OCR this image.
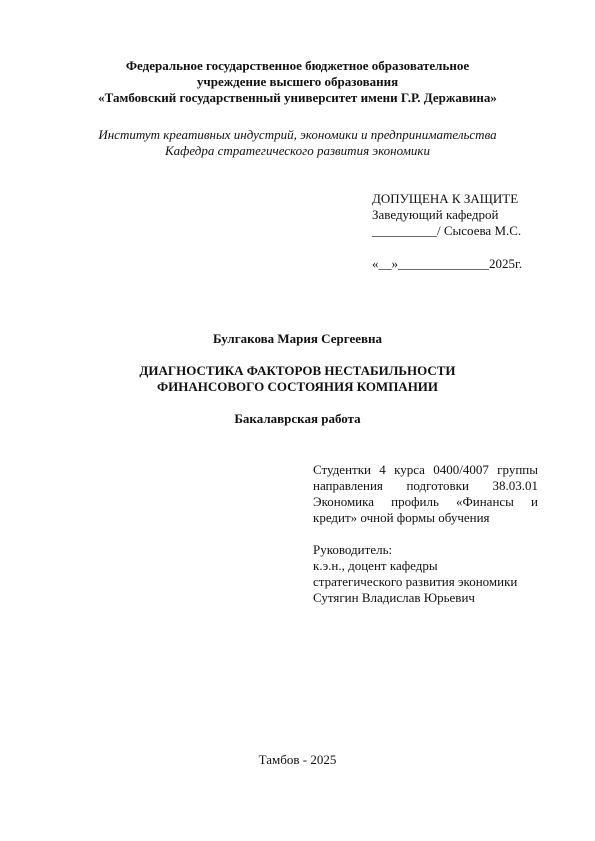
Федеральное государственное бюджетное образовательное
учреждение высшего образования
«Тамбовский государственный университет имени Г.Р. Державина»
Институт креативных индустрий, экономики и предпринимательства
Кафедра стратегического развития экономики
ДОПУЩЕНА К ЗАЩИТЕ
Заведующий кафедрой
__________/ Сысоева М.С.
«__»______________2025г.
Булгакова Мария Сергеевна
ДИАГНОСТИКА ФАКТОРОВ НЕСТАБИЛЬНОСТИ
ФИНАНСОВОГО СОСТОЯНИЯ КОМПАНИИ
Бакалаврская работа
Студентки 4 курса 0400/4007 группы
направления подготовки 38.03.01
Экономика профиль «Финансы и
кредит» очной формы обучения
Руководитель:
к.э.н., доцент кафедры
стратегического развития экономики
Сутягин Владислав Юрьевич
Тамбов - 2025
